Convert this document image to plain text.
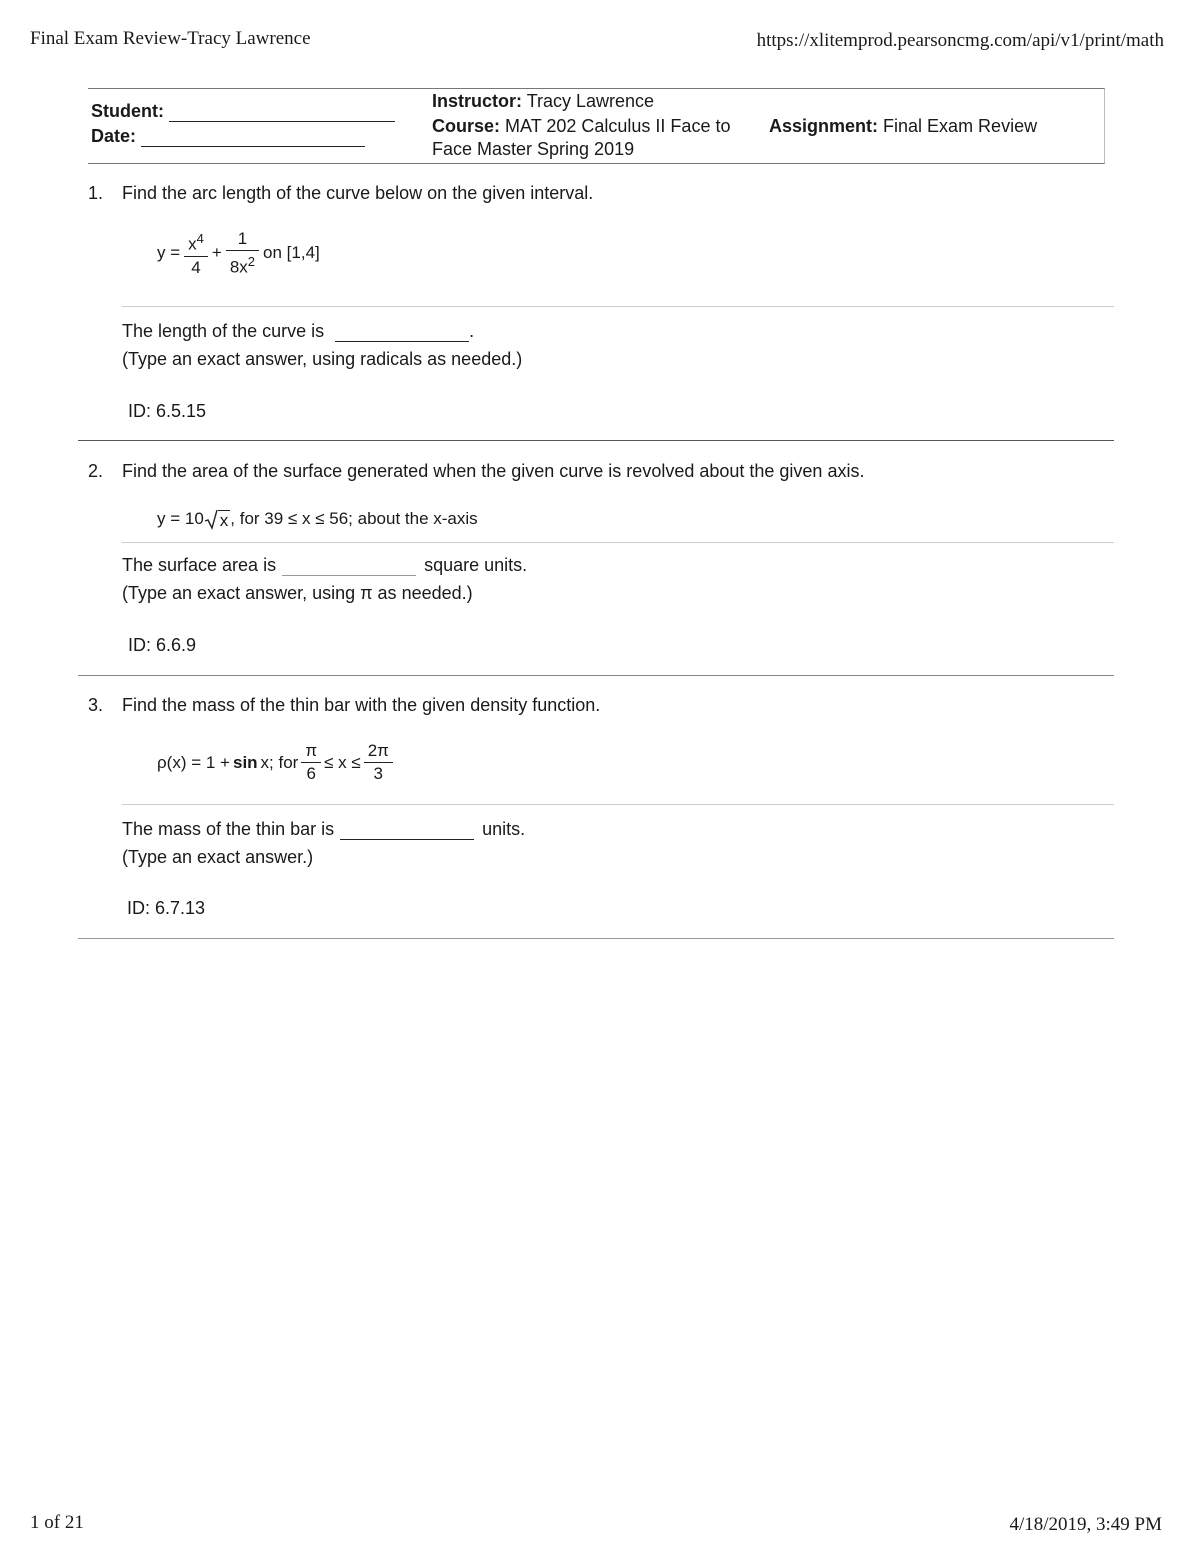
Final Exam Review-Tracy Lawrence	https://xlitemprod.pearsoncmg.com/api/v1/print/math
Student:
Date:
Instructor: Tracy Lawrence
Course: MAT 202 Calculus II Face to
Face Master Spring 2019
Assignment: Final Exam Review
1. Find the arc length of the curve below on the given interval.
$y = \frac{x^4}{4} + \frac{1}{8x^2}$ on [1,4]
The length of the curve is	.
(Type an exact answer, using radicals as needed.)
ID: 6.5.15
2. Find the area of the surface generated when the given curve is revolved about the given axis.
y = 10 x , for 39 ≤ x ≤ 56; about the x-axis
The surface area is	square units.
(Type an exact answer, using π as needed.)
ID: 6.6.9
3. Find the mass of the thin bar with the given density function.
ρ(x) = 1 + sin x; for $\frac{\pi}{6} \le x \le \frac{2\pi}{3}$
The mass of the thin bar is	units.
(Type an exact answer.)
ID: 6.7.13
1 of 21	4/18/2019, 3:49 PM
